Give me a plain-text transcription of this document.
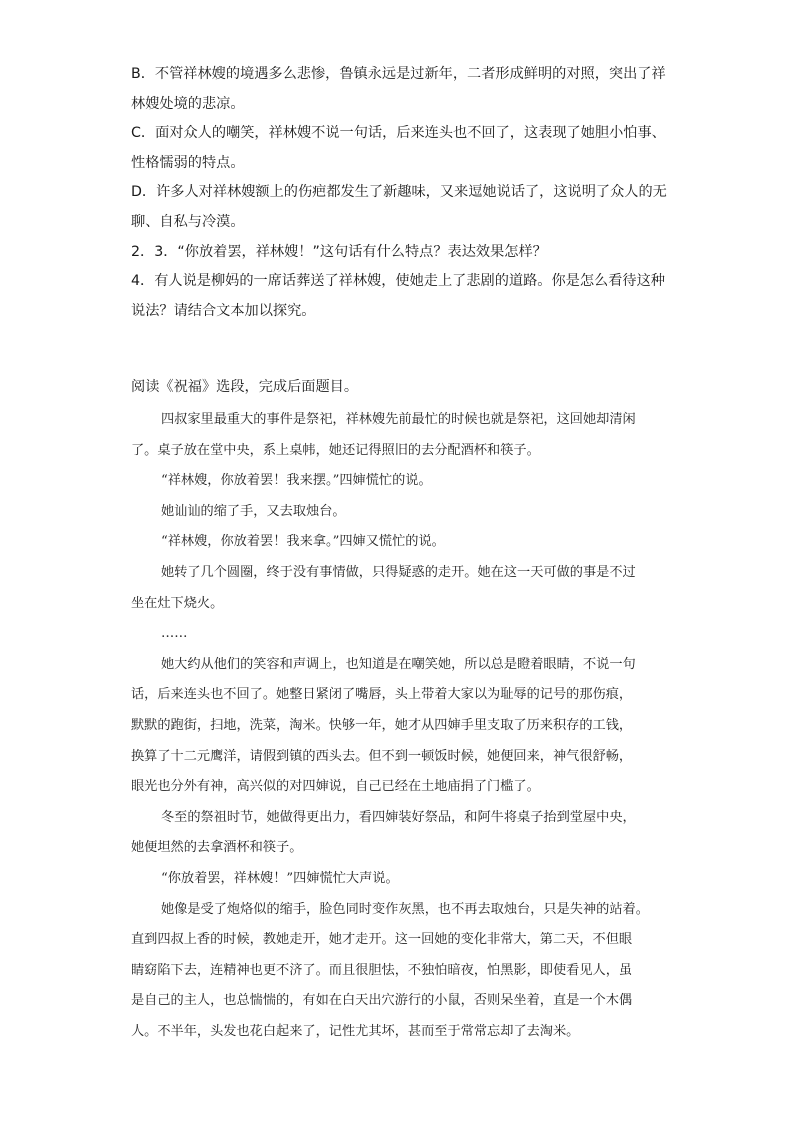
B．不管祥林嫂的境遇多么悲惨，鲁镇永远是过新年，二者形成鲜明的对照，突出了祥

林嫂处境的悲凉。

C．面对众人的嘲笑，祥林嫂不说一句话，后来连头也不回了，这表现了她胆小怕事、

性格懦弱的特点。

D．许多人对祥林嫂额上的伤疤都发生了新趣味，又来逗她说话了，这说明了众人的无

聊、自私与冷漠。

2．3．“你放着罢，祥林嫂！”这句话有什么特点？表达效果怎样？

4．有人说是柳妈的一席话葬送了祥林嫂，使她走上了悲剧的道路。你是怎么看待这种

说法？请结合文本加以探究。

阅读《祝福》选段，完成后面题目。

四叔家里最重大的事件是祭祀，祥林嫂先前最忙的时候也就是祭祀，这回她却清闲

了。桌子放在堂中央，系上桌帏，她还记得照旧的去分配酒杯和筷子。

“祥林嫂，你放着罢！我来摆。”四婶慌忙的说。

她讪讪的缩了手，又去取烛台。

“祥林嫂，你放着罢！我来拿。”四婶又慌忙的说。

她转了几个圆圈，终于没有事情做，只得疑惑的走开。她在这一天可做的事是不过

坐在灶下烧火。

……

她大约从他们的笑容和声调上，也知道是在嘲笑她，所以总是瞪着眼睛，不说一句

话，后来连头也不回了。她整日紧闭了嘴唇，头上带着大家以为耻辱的记号的那伤痕，

默默的跑街，扫地，洗菜，淘米。快够一年，她才从四婶手里支取了历来积存的工钱，

换算了十二元鹰洋，请假到镇的西头去。但不到一顿饭时候，她便回来，神气很舒畅，

眼光也分外有神，高兴似的对四婶说，自己已经在土地庙捐了门槛了。

冬至的祭祖时节，她做得更出力，看四婶装好祭品，和阿牛将桌子抬到堂屋中央，

她便坦然的去拿酒杯和筷子。

“你放着罢，祥林嫂！”四婶慌忙大声说。

她像是受了炮烙似的缩手，脸色同时变作灰黑，也不再去取烛台，只是失神的站着。

直到四叔上香的时候，教她走开，她才走开。这一回她的变化非常大，第二天，不但眼

睛窈陷下去，连精神也更不济了。而且很胆怯，不独怕暗夜，怕黑影，即使看见人，虽

是自己的主人，也总惴惴的，有如在白天出穴游行的小鼠，否则呆坐着，直是一个木偶

人。不半年，头发也花白起来了，记性尤其坏，甚而至于常常忘却了去淘米。
